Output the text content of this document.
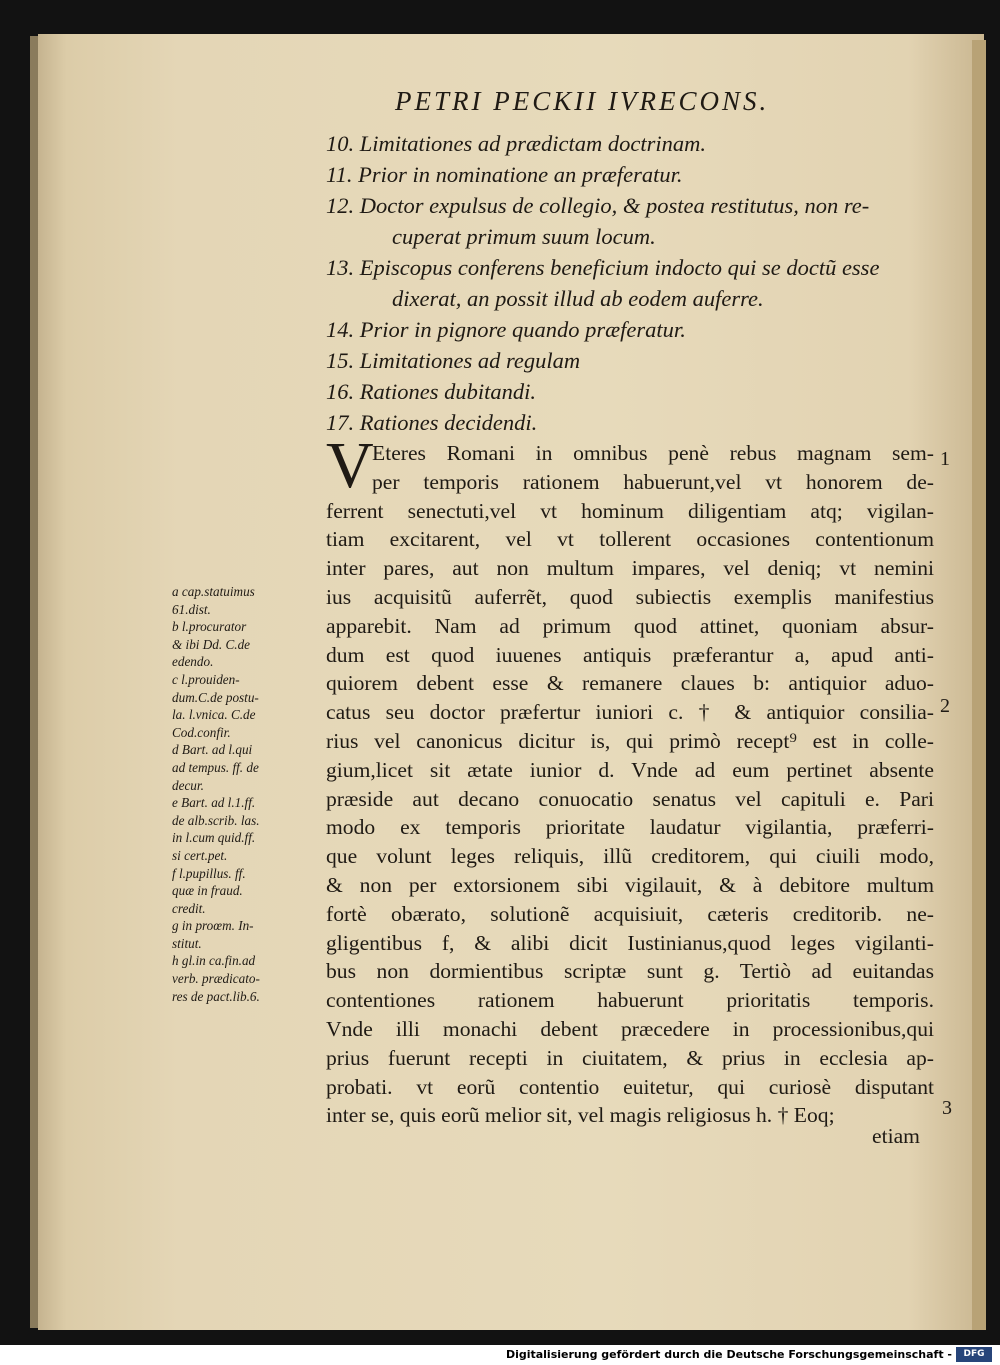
PETRI PECKII IVRECONS.
10. Limitationes ad prædictam doctrinam.
11. Prior in nominatione an præferatur.
12. Doctor expulsus de collegio, & postea restitutus, non re-
cuperat primum suum locum.
13. Episcopus conferens beneficium indocto qui se doctũ esse
dixerat, an possit illud ab eodem auferre.
14. Prior in pignore quando præferatur.
15. Limitationes ad regulam
16. Rationes dubitandi.
17. Rationes decidendi.
V
Eteres Romani in omnibus penè rebus magnam sem-
per temporis rationem habuerunt,vel vt honorem de-
ferrent senectuti,vel vt hominum diligentiam atq; vigilan-
tiam excitarent, vel vt tollerent occasiones contentionum
inter pares, aut non multum impares, vel deniq; vt nemini
ius acquisitũ auferrẽt, quod subiectis exemplis manifestius
apparebit. Nam ad primum quod attinet, quoniam absur-
dum est quod iuuenes antiquis præferantur a, apud anti-
quiorem debent esse & remanere claues b: antiquior aduo-
catus seu doctor præfertur iuniori c. † & antiquior consilia-
rius vel canonicus dicitur is, qui primò recept⁹ est in colle-
gium,licet sit ætate iunior d. Vnde ad eum pertinet absente
præside aut decano conuocatio senatus vel capituli e. Pari
modo ex temporis prioritate laudatur vigilantia, præferri-
que volunt leges reliquis, illũ creditorem, qui ciuili modo,
& non per extorsionem sibi vigilauit, & à debitore multum
fortè obærato, solutionẽ acquisiuit, cæteris creditorib. ne-
gligentibus f, & alibi dicit Iustinianus,quod leges vigilanti-
bus non dormientibus scriptæ sunt g. Tertiò ad euitandas
contentiones rationem habuerunt prioritatis temporis.
Vnde illi monachi debent præcedere in processionibus,qui
prius fuerunt recepti in ciuitatem, & prius in ecclesia ap-
probati. vt eorũ contentio euitetur, qui curiosè disputant
inter se, quis eorũ melior sit, vel magis religiosus h. † Eoq;
1
2
3
etiam
a cap.statuimus
61.dist.
b l.procurator
& ibi Dd. C.de
edendo.
c l.prouiden-
dum.C.de postu-
la. l.vnica. C.de
Cod.confir.
d Bart. ad l.qui
ad tempus. ff. de
decur.
e Bart. ad l.1.ff.
de alb.scrib. las.
in l.cum quid.ff.
si cert.pet.
f l.pupillus. ff.
quæ in fraud.
credit.
g in proœm. In-
stitut.
h gl.in ca.fin.ad
verb. prædicato-
res de pact.lib.6.
Digitalisierung gefördert durch die Deutsche Forschungsgemeinschaft -	DFG
